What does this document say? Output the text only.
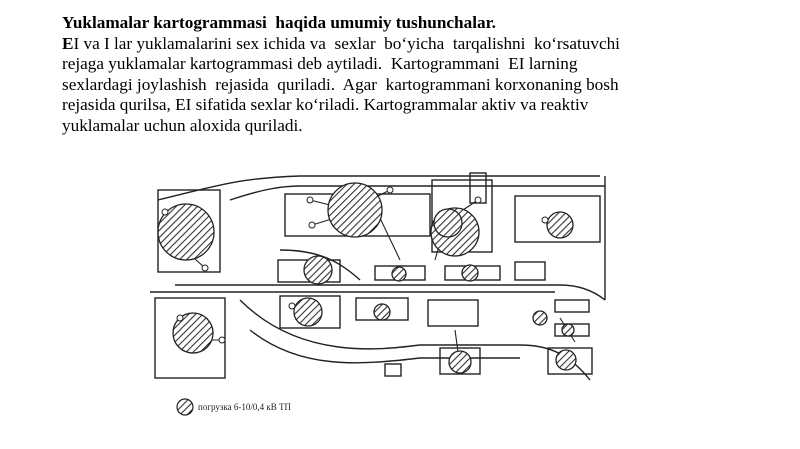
Yuklamalar kartogrammasi  haqida umumiy tushunchalar.
EI va I lar yuklamalarini sex ichida va  sexlar  bo‘yicha  tarqalishni  ko‘rsatuvchi
rejaga yuklamalar kartogrammasi deb aytiladi.  Kartogrammani  EI larning
sexlardagi joylashish  rejasida  quriladi.  Agar  kartogrammani korxonaning bosh
rejasida qurilsa, EI sifatida sexlar ko‘riladi. Kartogrammalar aktiv va reaktiv
yuklamalar uchun aloxida quriladi.
погрузка 6-10/0,4 кВ ТП
